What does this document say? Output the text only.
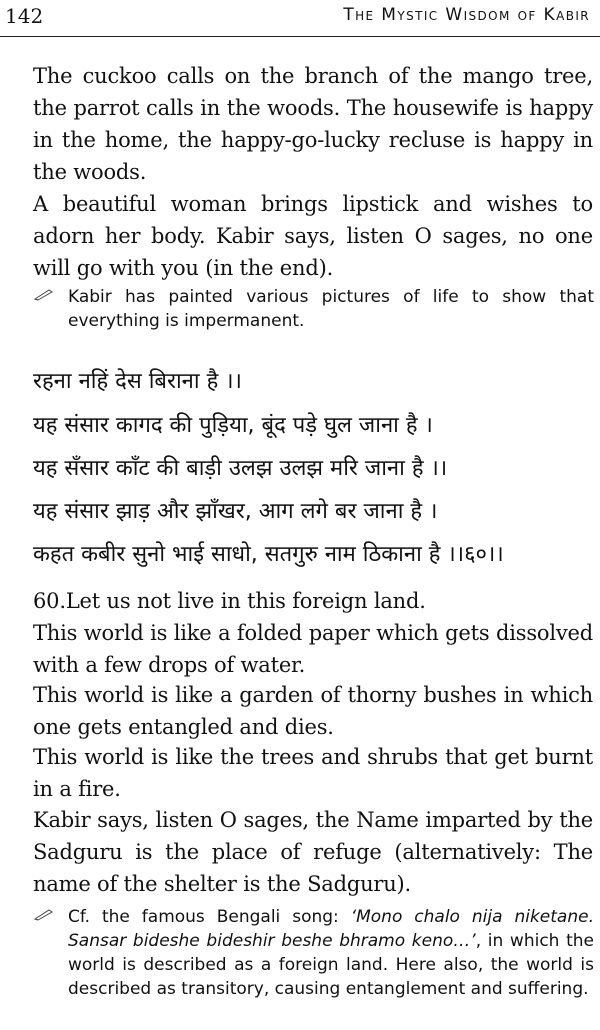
142	The Mystic Wisdom of Kabir

The cuckoo calls on the branch of the mango tree, the parrot calls in the woods. The housewife is happy in the home, the happy-go-lucky recluse is happy in the woods.

A beautiful woman brings lipstick and wishes to adorn her body. Kabir says, listen O sages, no one will go with you (in the end).

Kabir has painted various pictures of life to show that everything is impermanent.
रहना नहिं देस बिराना है ।।
यह संसार कागद की पुड़िया, बूंद पड़े घुल जाना है ।
यह सँसार काँट की बाड़ी उलझ उलझ मरि जाना है ।।
यह संसार झाड़ और झाँखर, आग लगे बर जाना है ।
कहत कबीर सुनो भाई साधो, सतगुरु नाम ठिकाना है ।।६०।।
60.Let us not live in this foreign land.

This world is like a folded paper which gets dissolved with a few drops of water.

This world is like a garden of thorny bushes in which one gets entangled and dies.

This world is like the trees and shrubs that get burnt in a fire.

Kabir says, listen O sages, the Name imparted by the Sadguru is the place of refuge (alternatively: The name of the shelter is the Sadguru).

Cf. the famous Bengali song: ‘Mono chalo nija niketane. Sansar bideshe bideshir beshe bhramo keno…’, in which the world is described as a foreign land. Here also, the world is described as transitory, causing entanglement and suffering.
